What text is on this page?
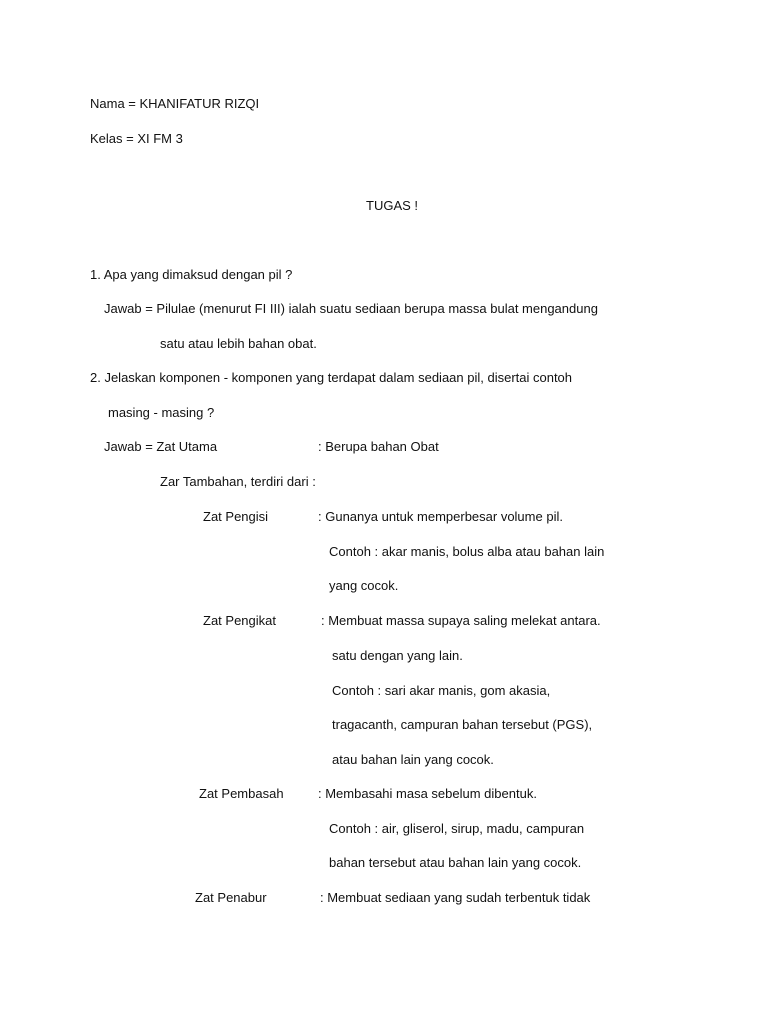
Nama = KHANIFATUR RIZQI
Kelas = XI FM 3
TUGAS !
1. Apa yang dimaksud dengan pil ?
Jawab = Pilulae (menurut FI III) ialah suatu sediaan berupa massa bulat mengandung
satu atau lebih bahan obat.
2. Jelaskan komponen - komponen yang terdapat dalam sediaan pil, disertai contoh
masing - masing ?
Jawab = Zat Utama	: Berupa bahan Obat
Zar Tambahan, terdiri dari :
Zat Pengisi	: Gunanya untuk memperbesar volume pil.
Contoh : akar manis, bolus alba atau bahan lain
yang cocok.
Zat Pengikat	: Membuat massa supaya saling melekat antara.
satu dengan yang lain.
Contoh : sari akar manis, gom akasia,
tragacanth, campuran bahan tersebut (PGS),
atau bahan lain yang cocok.
Zat Pembasah	: Membasahi masa sebelum dibentuk.
Contoh : air, gliserol, sirup, madu, campuran
bahan tersebut atau bahan lain yang cocok.
Zat Penabur	: Membuat sediaan yang sudah terbentuk tidak
